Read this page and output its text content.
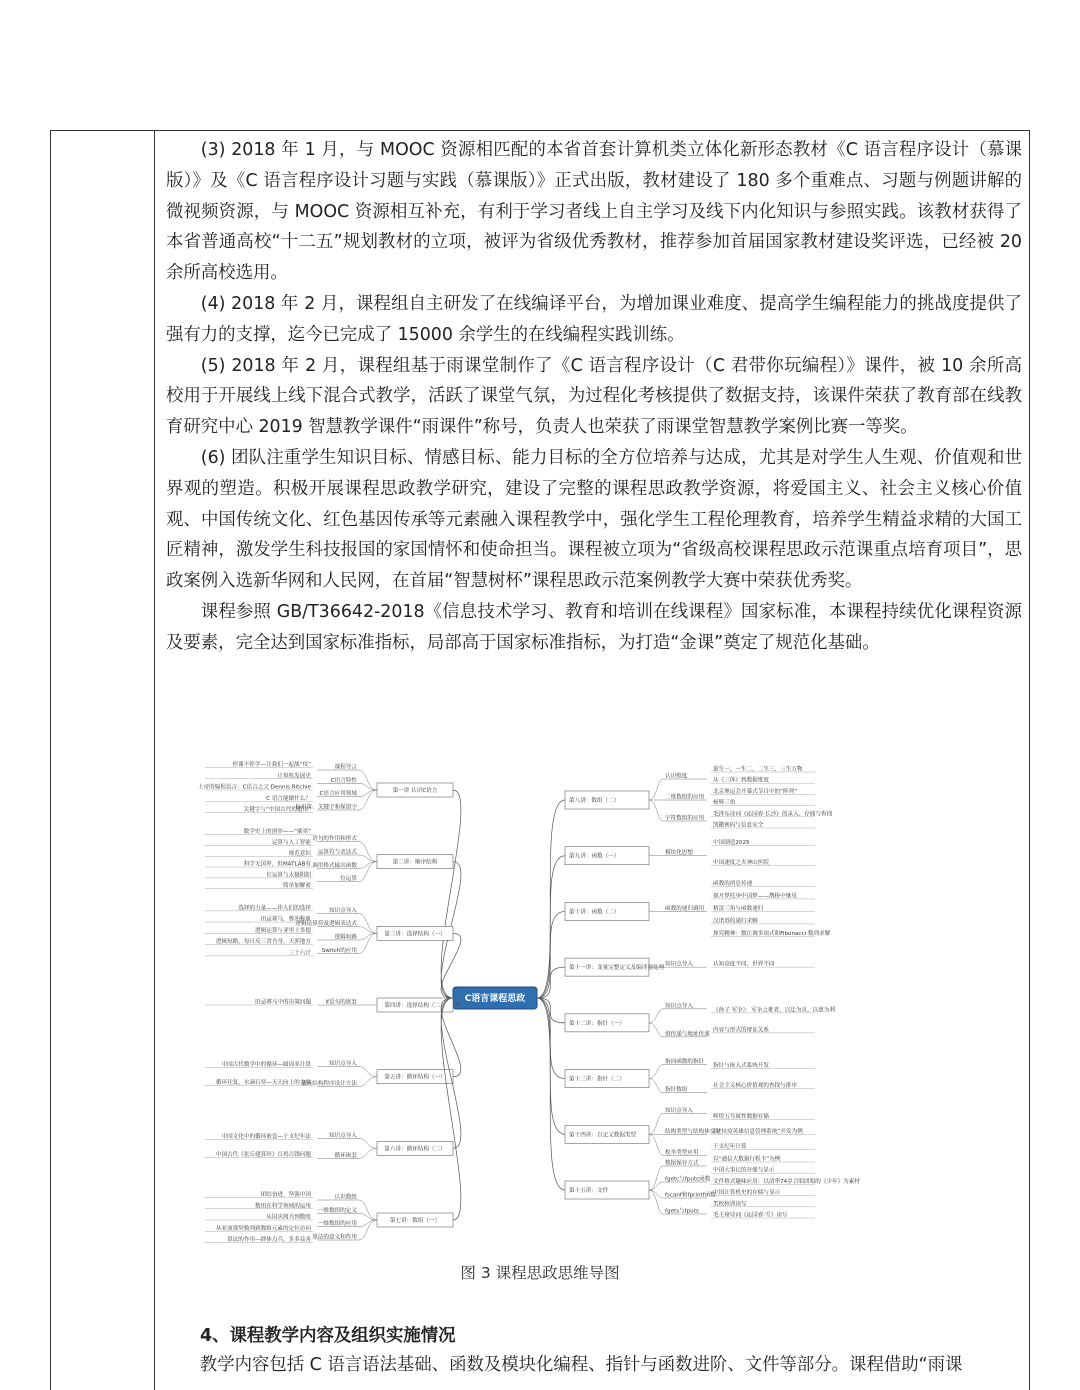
(3) 2018 年 1 月，与 MOOC 资源相匹配的本省首套计算机类立体化新形态教材《C 语言程序设计（慕课版）》及《C 语言程序设计习题与实践（慕课版）》正式出版，教材建设了 180 多个重难点、习题与例题讲解的微视频资源，与 MOOC 资源相互补充，有利于学习者线上自主学习及线下内化知识与参照实践。该教材获得了本省普通高校“十二五”规划教材的立项，被评为省级优秀教材，推荐参加首届国家教材建设奖评选，已经被 20 余所高校选用。

(4) 2018 年 2 月，课程组自主研发了在线编译平台，为增加课业难度、提高学生编程能力的挑战度提供了强有力的支撑，迄今已完成了 15000 余学生的在线编程实践训练。

(5) 2018 年 2 月，课程组基于雨课堂制作了《C 语言程序设计（C 君带你玩编程）》课件，被 10 余所高校用于开展线上线下混合式教学，活跃了课堂气氛，为过程化考核提供了数据支持，该课件荣获了教育部在线教育研究中心 2019 智慧教学课件“雨课件”称号，负责人也荣获了雨课堂智慧教学案例比赛一等奖。

(6) 团队注重学生知识目标、情感目标、能力目标的全方位培养与达成，尤其是对学生人生观、价值观和世界观的塑造。积极开展课程思政教学研究，建设了完整的课程思政教学资源，将爱国主义、社会主义核心价值观、中国传统文化、红色基因传承等元素融入课程教学中，强化学生工程伦理教育，培养学生精益求精的大国工匠精神，激发学生科技报国的家国情怀和使命担当。课程被立项为“省级高校课程思政示范课重点培育项目”，思政案例入选新华网和人民网，在首届“智慧树杯”课程思政示范案例教学大赛中荣获优秀奖。

课程参照 GB/T36642-2018《信息技术学习、教育和培训在线课程》国家标准，本课程持续优化课程资源及要素，完全达到国家标准指标，局部高于国家标准指标，为打造“金课”奠定了规范化基础。

C语言课程思政
第一讲 认识C语言
课程导言
C语言特性
C语言应用领域
标识符、关键字和保留字
停课不停学—让我们一起战“疫”
计算机发展史
上帝的编程语言：C语言之父 Dennis Ritchie
C 语言能做什么？
关键字与“中国古代的避讳”
第二讲：顺序结构
语句的作用和形式
运算符与表达式
调用格式输出函数
位运算
数学史上的创举——“粟率”
运算与人工智能
规范意识
科学无国界，但MATLAB有
位运算与太极阴阳
简单加解密
第三讲：选择结构（一）
知识点导入
逻辑运算符及逻辑表达式
逻辑短路
Switch的应用
选择的力量——伟人们的选择
田忌赛马，曹冲称象
逻辑运算与亚里士多德
逻辑短路，每日反三省吾身，天涯地方
三十六计
第四讲：选择结构（二）
if语句的嵌套
田忌赛马中的决策问题
第五讲：循环结构（一）
知识点导入
循环结构程序设计方法
中国古代数学中的循环—圆周率计算
循环往复，水滴石穿—天天向上的力量
第六讲：循环结构（二）
知识点导入
循环嵌套
中国文化中的循环嵌套—干支纪年法
中国古代《张丘建算经》百鸡百钱问题
第七讲：数组（一）
认识数组
一维数组的定义
一维数组的应用
算法的意义和作用
团结奋进，坚强中国
数组在科学领域的运用
从国庆阅兵到数组
从亚波那契数列到数组元素的定位访问
算法的作用—群体点兵，多多益善
第八讲：数组（二）
认识维度
二维数组的应用
字符数组的应用
道生一，一生二，二生三，三生万物
从《三体》到数据维度
北京奥运会开幕式节目中的“阵列”
杨辉三角
毛泽东诗词《沁园春·长沙》的录入、存储与查找
凯撒密码与信息安全
第九讲：函数（一）
模块化思想
中国制造2025
中国速度之火神山医院
第十讲：函数（二）
函数的递归调用
函数的消息传递
探月梦托举中国梦——鹊桥中继星
格雷三角与函数递归
汉诺塔的递归求解
探究精神：数让调多项式和Fibonacci 数列求解
第十一讲：变量完整定义及编译预处理
知识点导入	认知高度不同，世界不同
第十二讲：指针（一）
知识点导入
值传递与地址传递
《孙子 军争》：军争之难者，以迂为直，以患为利
内容与形式的辩证关系
第十三讲：指针（二）
指向函数的指针
指针数组
指针与嵌入式系统开发
社会主义核心价值观的查找与排序
第十四讲：自定义数据类型
知识点导入
结构类型与结构体变量
枚举类型应用
辉煌五号属性数据存储
以“抗疫英雄信息管理系统”开发为例
干支纪年计算
第十五讲：文件
数据保存方式
fgetc与fputc函数
fscanf和fprintf函数
fgets与fputs
以“通信大数据行程卡”为例
中国大事记的存储与显示
文件格式趣味应用：以清华74岁合唱团唱的《少年》为素材
中国计算机史的存储与显示
类校校训读写
毛主席诗词《沁园春·雪》读写
图 3 课程思政思维导图
4、课程教学内容及组织实施情况
教学内容包括 C 语言语法基础、函数及模块化编程、指针与函数进阶、文件等部分。课程借助“雨课
